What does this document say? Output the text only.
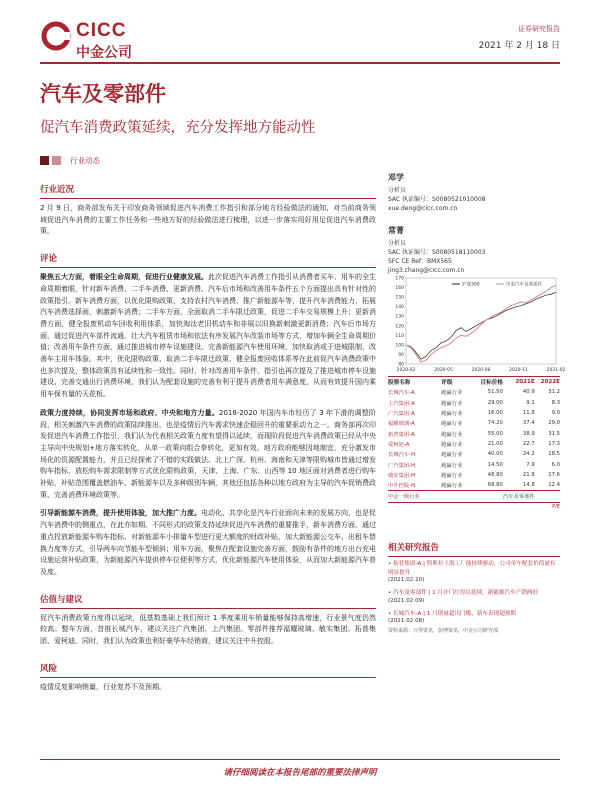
CICC
中金公司
证券研究报告
2021 年 2 月 18 日
汽车及零部件
促汽车消费政策延续，充分发挥地方能动性
行业动态
行业近况
2 月 9 日，商务部发布关于印发商务领域促进汽车消费工作指引和部分地方经验做法的通知，对当前商务领域促进汽车消费的主要工作任务和一些地方好的经验做法进行梳理，以进一步落实用好用足促进汽车消费政策。
评论
聚焦五大方面，着眼全生命周期，促进行业健康发展。此次促进汽车消费工作指引从消费者买车、用车的全生命周期着眼，针对新车消费、二手车消费、更新消费、汽车后市场和改善用车条件五个方面提出具有针对性的政策指引。新车消费方面，以优化限购政策、支持农村汽车消费、推广新能源车等，提升汽车消费能力，拓展汽车消费选择面，刺激新车消费；二手车方面，全面取消二手车限迁政策，促进二手车交易规模上升；更新消费方面，健全报废机动车回收利用体系，加快淘汰老旧机动车和非展以旧换新刺激更新消费；汽车后市场方面，通过促进汽车部件流通、壮大汽车租赁市场和依法有序发展汽车改装市场等方式，增加车辆全生命周期价值；改善用车条件方面，通过推进城市停车设施建设、完善新能源汽车使用环境，加快取消或于进城限制，改善车主用车体验。其中，优化限购政策、取消二手车限迁政策、健全报废回收体系等在此前促汽车消费政策中也多次提及，整体政策具有延续性和一致性。同时，针对改善用车条件，指引也再次提及了推进城市停车设施建设、完善交通出行消费环境，我们认为配套设施的完善有利于提升消费者用车满意度，从而有效提升国内乘用车保有量的天花板。
政策力度持续，协同发挥市场和政府、中央和地方力量。2018-2020 年国内车市经历了 3 年下滑的调整阶段，相关刺激汽车消费的政策陆续推出，也是疫情后汽车需求快速企稳回升的重要驱动力之一。商务部再次印发促进汽车消费工作指引，我们认为代表相关政策力度有望得以延续，而现阶段促进汽车消费政策已经从中央主导向中央规划+地方落实转化，从单一政策向组合拳转化，更加有效。地方政府能够因地制宜，充分激发市场化的资源配置能力，并且已经探索了不错的实践做法。北上广深、杭州、海南和天津等限购城市皆通过增发购车指标，放松购车需求限制等方式优化限购政策，天津、上海、广东、山西等 10 地区面对消费者进行购车补贴，补贴范围覆盖燃油车、新能源车以及多种级别车辆，其他还包括各种以地方政府为主导的汽车促销费政策、完善消费环境政策等。
引导新能源车消费，提升使用体验，加大推广力度。电动化、共享化是汽车行业面向未来的发展方向，也是促汽车消费中的侧重点，在此亦如期。不同形式的政策支持延续促进汽车消费的重要推手，新车消费方面，通过重点投放新能源车购车指标、对新能源车小排量车型进行更大额度的财政补贴，加大新能源公交车、出租车替换力度等方式，引导两车向节能车型倾斜；用车方面，聚焦在配套设施完善方面，鼓励有条件的地方出台充电设施运营补贴政策，为新能源汽车提供停车位便利等方式，优化新能源汽车使用体验，从而加大新能源汽车普及度。
估值与建议
促汽车消费政策力度得以延续，低基数基础上我们预计 1 季度乘用车销量能够保持高增速，行业景气度仍然较高。整车方面，首推长城汽车，建议关注广汽集团、上汽集团。零部件推荐福耀玻璃、敏实集团、拓普集团、爱柯迪。同时，我们认为政策也利好豪华车经销商，建议关注中升控股。
风险
疫情反复影响销量，行业复苏不及预期。
邓学
分析员
SAC 执证编号：S0080521010008
xue.deng@cicc.com.cn
常菁
分析员
SAC 执证编号：S0080518110003
SFC CE Ref：BMX565
jing3.chang@cicc.com.cn
170
160
150
140
130
120
110
100
90
80
2020-02	2020-05	2020-08	2020-11	2021-02
沪深300	中金汽车及零部件
股票名称	评级	目标价格	2021E	2022E
长城汽车-A	跑赢行业	51.50	40.9	31.2
上汽集团-A	跑赢行业	29.00	9.1	8.3
广汽集团-A	跑赢行业	16.00	11.8	9.0
福耀玻璃-A	跑赢行业	74.20	37.4	29.0
拓普集团-A	跑赢行业	55.00	38.9	31.5
爱柯迪-A	跑赢行业	21.00	22.7	17.3
长城汽车-H	跑赢行业	40.00	24.2	18.5
广汽集团-H	跑赢行业	14.50	7.9	6.0
敏实集团-H	跑赢行业	48.80	21.8	17.6
中升控股-H	跑赢行业	68.80	14.8	12.4
中金一级行业			汽车及零部件	
P/E
相关研究报告
• 拓普集团-A | 特斯拉上海工厂能持续驱动，公司单车配套价值量有明显提升
(2021.02.10)
• 汽车及零部件 | 1 月开门红得以延续，新能源汽车产销两旺
(2021.02.09)
• 长城汽车-A | 1 月销量超出门槛，新车表现超预期
(2021.02.08)
资料来源：万得资讯，彭博资讯，中金公司研究部
请仔细阅读在本报告尾部的重要法律声明
